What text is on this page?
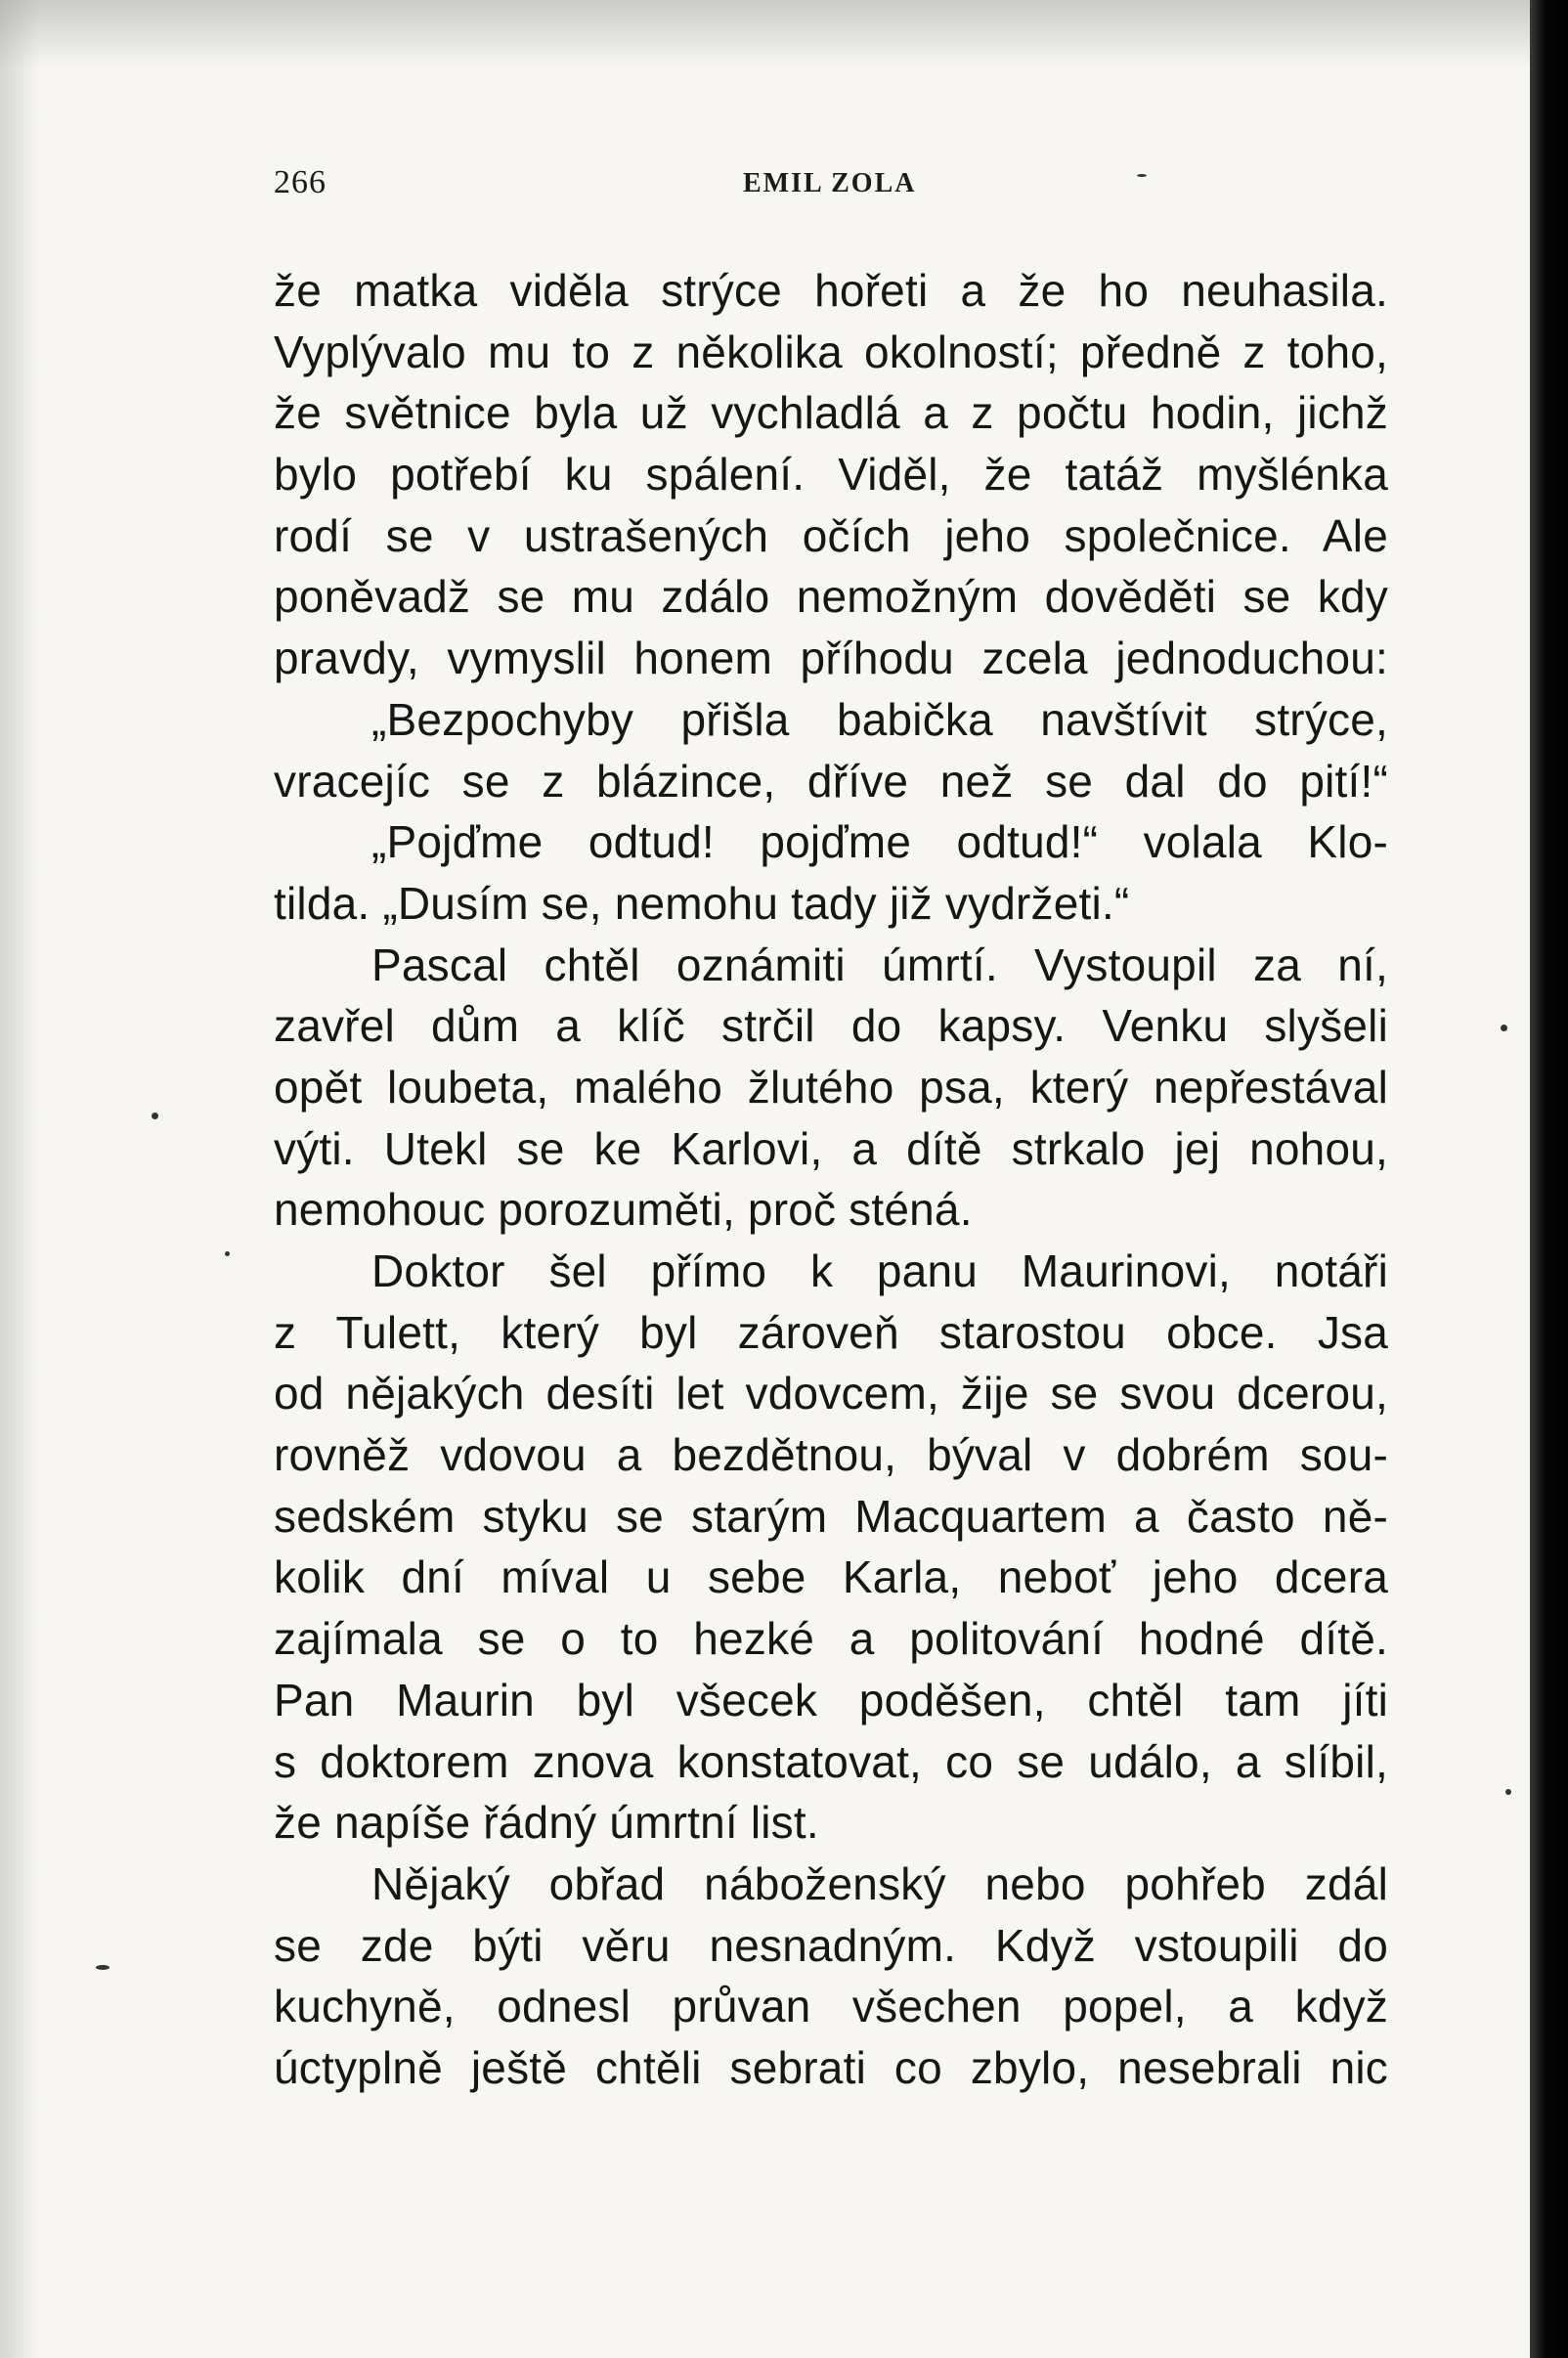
266	EMIL ZOLA
že matka viděla strýce hořeti a že ho neuhasila.
Vyplývalo mu to z několika okolností; předně z toho,
že světnice byla už vychladlá a z počtu hodin, jichž
bylo potřebí ku spálení. Viděl, že tatáž myšlénka
rodí se v ustrašených očích jeho společnice. Ale
poněvadž se mu zdálo nemožným dověděti se kdy
pravdy, vymyslil honem příhodu zcela jednoduchou:
„Bezpochyby přišla babička navštívit strýce,
vracejíc se z blázince, dříve než se dal do pití!“
„Pojďme odtud! pojďme odtud!“ volala Klo-
tilda. „Dusím se, nemohu tady již vydržeti.“
Pascal chtěl oznámiti úmrtí. Vystoupil za ní,
zavřel dům a klíč strčil do kapsy. Venku slyšeli
opět loubeta, malého žlutého psa, který nepřestával
výti. Utekl se ke Karlovi, a dítě strkalo jej nohou,
nemohouc porozuměti, proč sténá.
Doktor šel přímo k panu Maurinovi, notáři
z Tulett, který byl zároveň starostou obce. Jsa
od nějakých desíti let vdovcem, žije se svou dcerou,
rovněž vdovou a bezdětnou, býval v dobrém sou-
sedském styku se starým Macquartem a často ně-
kolik dní míval u sebe Karla, neboť jeho dcera
zajímala se o to hezké a politování hodné dítě.
Pan Maurin byl všecek poděšen, chtěl tam jíti
s doktorem znova konstatovat, co se událo, a slíbil,
že napíše řádný úmrtní list.
Nějaký obřad náboženský nebo pohřeb zdál
se zde býti věru nesnadným. Když vstoupili do
kuchyně, odnesl průvan všechen popel, a když
úctyplně ještě chtěli sebrati co zbylo, nesebrali nic
